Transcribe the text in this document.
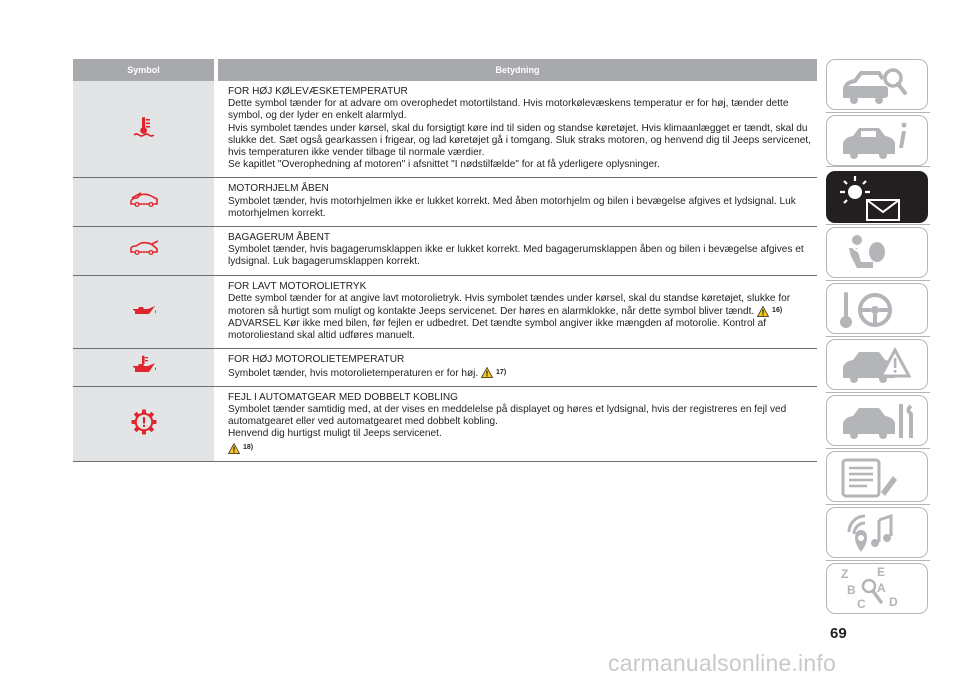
Symbol	Betydning

FOR HØJ KØLEVÆSKETEMPERATUR

Dette symbol tænder for at advare om overophedet motortilstand. Hvis motorkølevæskens temperatur er for høj, tænder dette symbol, og der lyder en enkelt alarmlyd.

Hvis symbolet tændes under kørsel, skal du forsigtigt køre ind til siden og standse køretøjet. Hvis klimaanlægget er tændt, skal du slukke det. Sæt også gearkassen i frigear, og lad køretøjet gå i tomgang. Sluk straks motoren, og henvend dig til Jeeps servicenet, hvis temperaturen ikke vender tilbage til normale værdier.

Se kapitlet "Overophedning af motoren" i afsnittet "I nødstilfælde" for at få yderligere oplysninger.

MOTORHJELM ÅBEN

Symbolet tænder, hvis motorhjelmen ikke er lukket korrekt. Med åben motorhjelm og bilen i bevægelse afgives et lydsignal. Luk motorhjelmen korrekt.

BAGAGERUM ÅBENT

Symbolet tænder, hvis bagagerumsklappen ikke er lukket korrekt. Med bagagerumsklappen åben og bilen i bevægelse afgives et lydsignal. Luk bagagerumsklappen korrekt.

FOR LAVT MOTOROLIETRYK

Dette symbol tænder for at angive lavt motorolietryk. Hvis symbolet tændes under kørsel, skal du standse køretøjet, slukke for motoren så hurtigt som muligt og kontakte Jeeps servicenet. Der høres en alarmklokke, når dette symbol bliver tændt.	16)

ADVARSEL Kør ikke med bilen, før fejlen er udbedret. Det tændte symbol angiver ikke mængden af motorolie. Kontrol af motoroliestand skal altid udføres manuelt.

FOR HØJ MOTOROLIETEMPERATUR

Symbolet tænder, hvis motorolietemperaturen er for høj.	17)

FEJL I AUTOMATGEAR MED DOBBELT KOBLING

Symbolet tænder samtidig med, at der vises en meddelelse på displayet og høres et lydsignal, hvis der registreres en fejl ved automatgearet eller ved automatgearet med dobbelt kobling.

Henvend dig hurtigst muligt til Jeeps servicenet.

18)

Z E
B A
C D
69
carmanualsonline.info
